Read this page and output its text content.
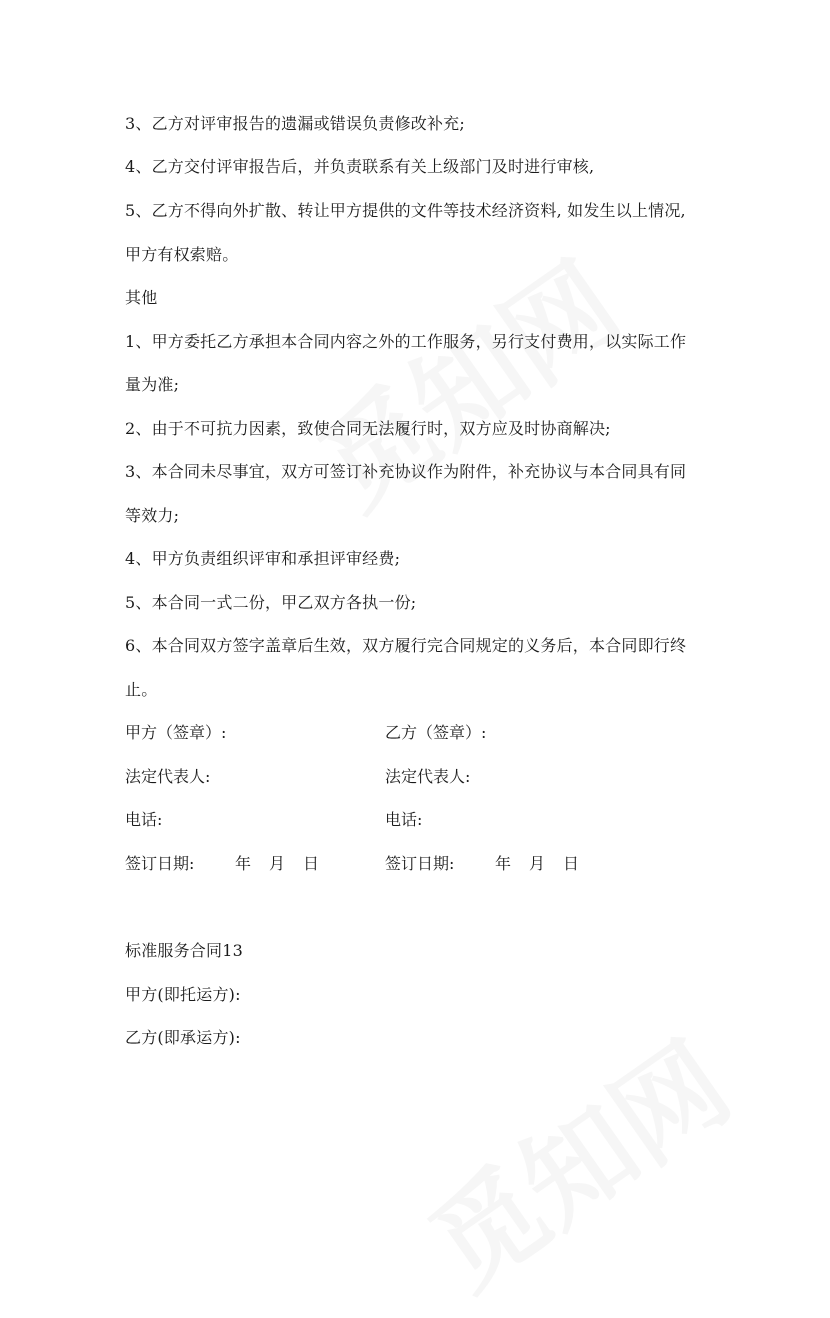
3、乙方对评审报告的遗漏或错误负责修改补充;
4、乙方交付评审报告后，并负责联系有关上级部门及时进行审核,
5、乙方不得向外扩散、转让甲方提供的文件等技术经济资料, 如发生以上情况,
甲方有权索赔。
其他
1、甲方委托乙方承担本合同内容之外的工作服务，另行支付费用，以实际工作
量为准;
2、由于不可抗力因素，致使合同无法履行时，双方应及时协商解决;
3、本合同未尽事宜，双方可签订补充协议作为附件，补充协议与本合同具有同
等效力;
4、甲方负责组织评审和承担评审经费;
5、本合同一式二份，甲乙双方各执一份;
6、本合同双方签字盖章后生效，双方履行完合同规定的义务后，本合同即行终
止。
甲方（签章）:	乙方（签章）:
法定代表人:	法定代表人:
电话:	电话:
签订日期:	年 月 日	签订日期:	年 月 日
标准服务合同13
甲方(即托运方):
乙方(即承运方):
